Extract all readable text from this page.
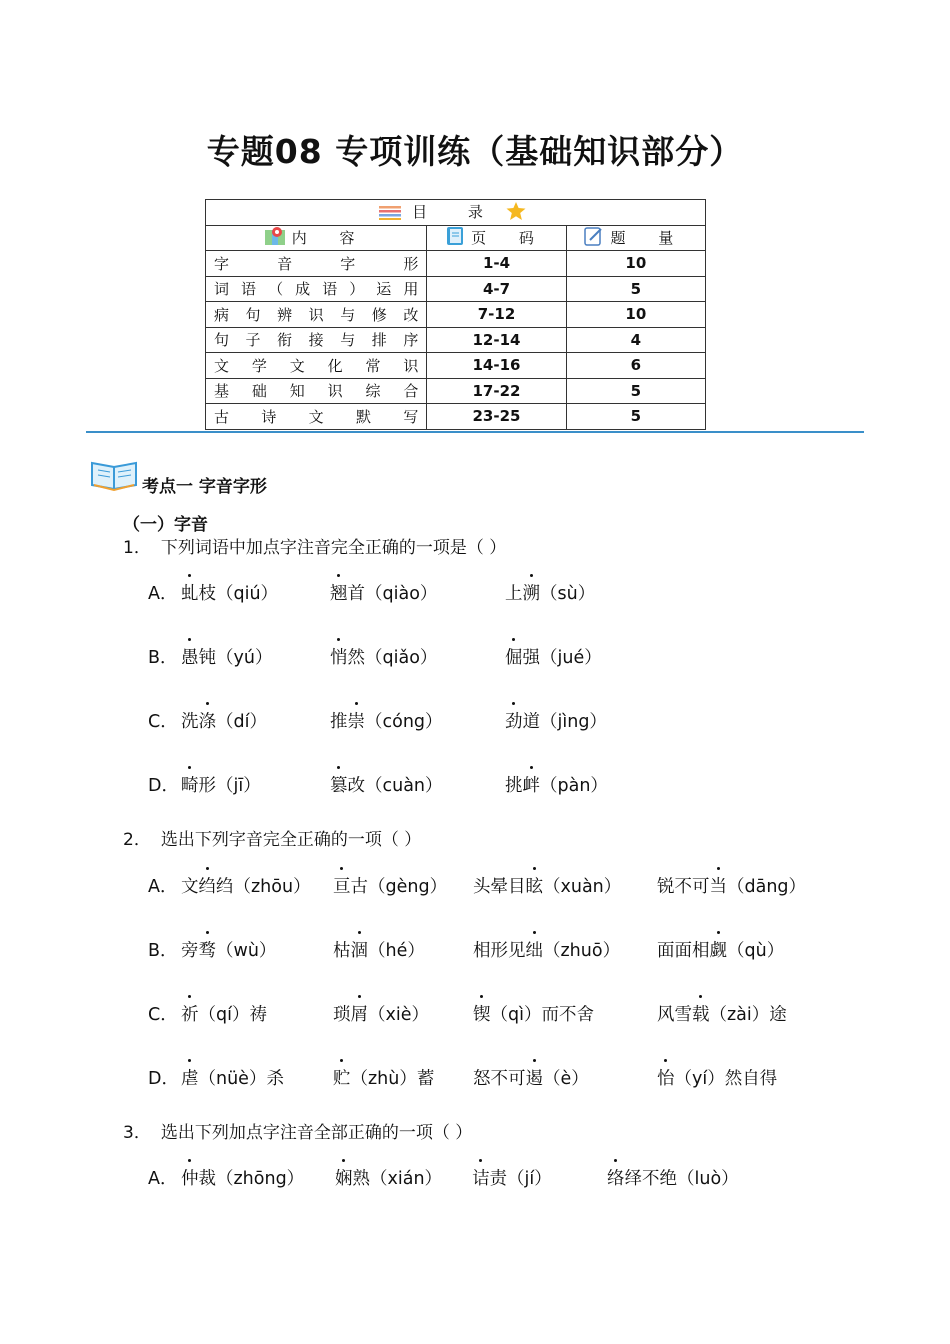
专题08 专项训练（基础知识部分）
目 录		
内 容	页 码	题 量
字音字形	1-4	10
词语（成语）运用	4-7	5
病句辨识与修改	7-12	10
句子衔接与排序	12-14	4
文学文化常识	14-16	6
基础知识综合	17-22	5
古诗文默写	23-25	5
考点一 字音字形
（一）字音
1． 下列词语中加点字注音完全正确的一项是（ ）
2． 选出下列字音完全正确的一项（ ）
3． 选出下列加点字注音全部正确的一项（ ）
A． 虬枝（qiú）	翘首（qiào）	上溯（sù）
B． 愚钝（yú）	悄然（qiǎo）	倔强（jué）
C． 洗涤（dí）	推崇（cóng）	劲道（jìng）
D． 畸形（jī）	篡改（cuàn）	挑衅（pàn）
A． 文绉绉（zhōu） 亘古（gèng） 头晕目眩（xuàn） 锐不可当（dāng）
B． 旁骛（wù）	枯涸（hé）	相形见绌（zhuō） 面面相觑（qù）
C． 祈（qí）祷	琐屑（xiè）	锲（qì）而不舍	风雪载（zài）途
D． 虐（nüè）杀	贮（zhù）蓄 怒不可遏（è）	怡（yí）然自得
A． 仲裁（zhōng） 娴熟（xián） 诘责（jí）	络绎不绝（luò）
